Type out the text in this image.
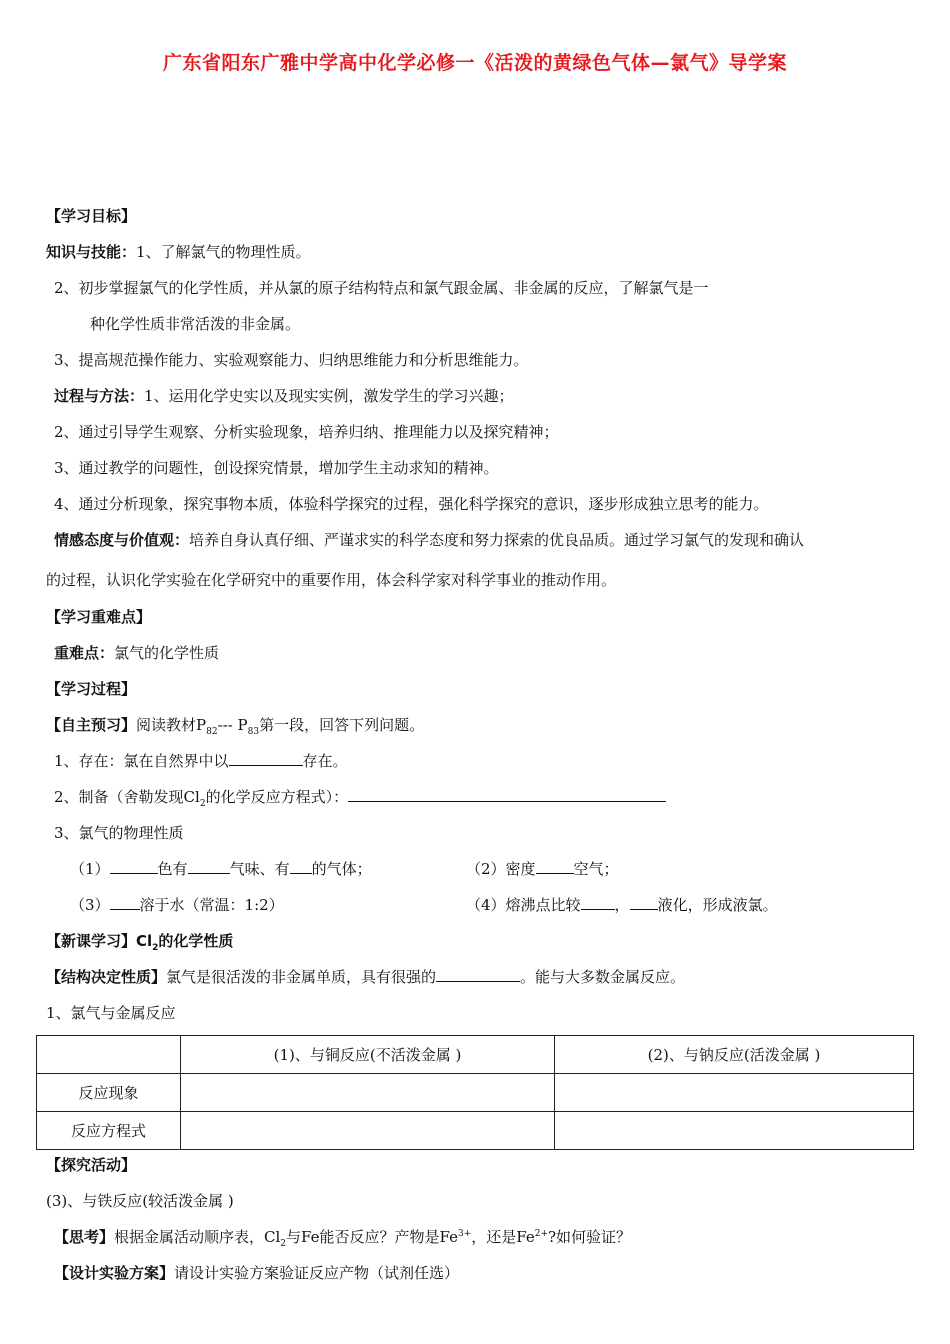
广东省阳东广雅中学高中化学必修一《活泼的黄绿色气体—氯气》导学案
【学习目标】
知识与技能：1、了解氯气的物理性质。
2、初步掌握氯气的化学性质，并从氯的原子结构特点和氯气跟金属、非金属的反应，了解氯气是一
种化学性质非常活泼的非金属。
3、提高规范操作能力、实验观察能力、归纳思维能力和分析思维能力。
过程与方法：1、运用化学史实以及现实实例，激发学生的学习兴趣；
2、通过引导学生观察、分析实验现象，培养归纳、推理能力以及探究精神；
3、通过教学的问题性，创设探究情景，增加学生主动求知的精神。
4、通过分析现象，探究事物本质，体验科学探究的过程，强化科学探究的意识，逐步形成独立思考的能力。
情感态度与价值观：培养自身认真仔细、严谨求实的科学态度和努力探索的优良品质。通过学习氯气的发现和确认
的过程，认识化学实验在化学研究中的重要作用，体会科学家对科学事业的推动作用。
【学习重难点】
重难点：氯气的化学性质
【学习过程】
【自主预习】阅读教材$P_{82}---$ $P_{83}$第一段，回答下列问题。
1、存在：氯在自然界中以	存在。
2、制备（舍勒发现$Cl_2$的化学反应方程式）：
3、氯气的物理性质
（1）	色有	气味、有 的气体；	（2）密度	空气；
（3） 溶于水（常温：1:2）	（4）熔沸点比较 ， 液化，形成液氯。
【新课学习】$Cl_2$的化学性质
【结构决定性质】氯气是很活泼的非金属单质，具有很强的	。能与大多数金属反应。
1、氯气与金属反应
	(1)、与铜反应(不活泼金属 )	(2)、与钠反应(活泼金属 )
反应现象		
反应方程式		
【探究活动】
(3)、与铁反应(较活泼金属 )
【思考】根据金属活动顺序表，$Cl_2$与Fe能否反应？产物是$Fe^{3+}$，还是$Fe^{2+}$?如何验证？
【设计实验方案】请设计实验方案验证反应产物（试剂任选）
